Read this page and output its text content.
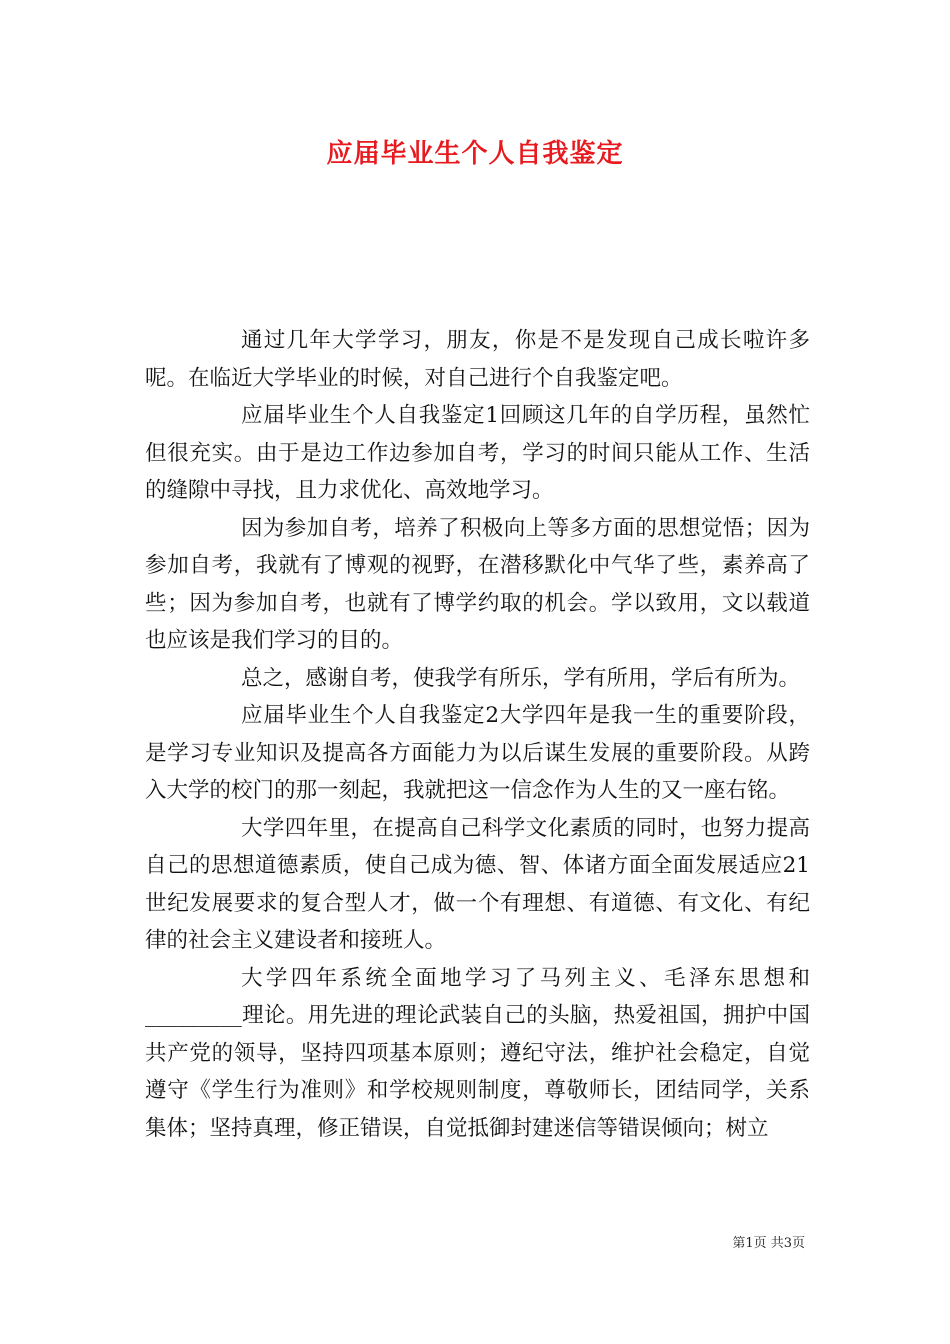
应届毕业生个人自我鉴定

通过几年大学学习，朋友，你是不是发现自己成长啦许多呢。在临近大学毕业的时候，对自己进行个自我鉴定吧。

应届毕业生个人自我鉴定1回顾这几年的自学历程，虽然忙但很充实。由于是边工作边参加自考，学习的时间只能从工作、生活的缝隙中寻找，且力求优化、高效地学习。

因为参加自考，培养了积极向上等多方面的思想觉悟；因为参加自考，我就有了博观的视野，在潜移默化中气华了些，素养高了些；因为参加自考，也就有了博学约取的机会。学以致用，文以载道也应该是我们学习的目的。

总之，感谢自考，使我学有所乐，学有所用，学后有所为。

应届毕业生个人自我鉴定2大学四年是我一生的重要阶段，是学习专业知识及提高各方面能力为以后谋生发展的重要阶段。从跨入大学的校门的那一刻起，我就把这一信念作为人生的又一座右铭。

大学四年里，在提高自己科学文化素质的同时，也努力提高自己的思想道德素质，使自己成为德、智、体诸方面全面发展适应21世纪发展要求的复合型人才，做一个有理想、有道德、有文化、有纪律的社会主义建设者和接班人。

大学四年系统全面地学习了马列主义、毛泽东思想和_________理论。用先进的理论武装自己的头脑，热爱祖国，拥护中国共产党的领导，坚持四项基本原则；遵纪守法，维护社会稳定，自觉遵守《学生行为准则》和学校规则制度，尊敬师长，团结同学，关系集体；坚持真理，修正错误，自觉抵御封建迷信等错误倾向；树立

第1页 共3页
